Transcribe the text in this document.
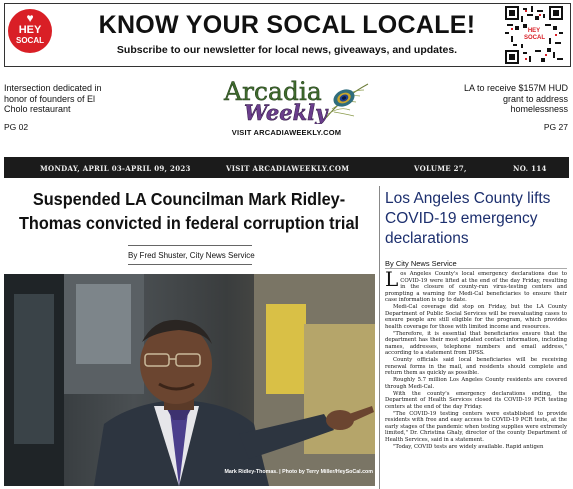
♥
HEY
SOCAL
KNOW YOUR SOCAL LOCALE!
Subscribe to our newsletter for local news, giveaways, and updates.
HEY SOCAL
Intersection dedicated in honor of founders of El Cholo restaurant
PG 02
Arcadia
Weekly
VISIT ARCADIAWEEKLY.COM
LA to receive $157M HUD grant to address homelessness
PG 27
MONDAY, APRIL 03-APRIL 09, 2023	VISIT ARCADIAWEEKLY.COM	VOLUME 27,	NO. 114
Suspended LA Councilman Mark Ridley-Thomas convicted in federal corruption trial
By Fred Shuster, City News Service
Mark Ridley-Thomas. | Photo by Terry Miller/HeySoCal.com
Los Angeles County lifts COVID-19 emergency declarations
By City News Service

Los Angeles County's local emergency declarations due to COVID-19 were lifted at the end of the day Friday, resulting in the closure of county-run virus-testing centers and prompting a warning for Medi-Cal beneficiaries to ensure their case information is up to date.

Medi-Cal coverage did stop on Friday, but the LA County Department of Public Social Services will be reevaluating cases to ensure people are still eligible for the program, which provides health coverage for those with limited income and resources.

"Therefore, it is essential that beneficiaries ensure that the department has their most updated contact information, including names, addresses, telephone numbers and email address," according to a statement from DPSS.

County officials said local beneficiaries will be receiving renewal forms in the mail, and residents should complete and return them as quickly as possible.

Roughly 5.7 million Los Angeles County residents are covered through Medi-Cal.

With the county's emergency declarations ending, the Department of Health Services closed its COVID-19 PCR testing centers at the end of the day Friday.

"The COVID-19 testing centers were established to provide residents with free and easy access to COVID-19 PCR tests, at the early stages of the pandemic when testing supplies were extremely limited," Dr. Christina Ghaly, director of the county Department of Health Services, said in a statement.

"Today, COVID tests are widely available. Rapid antigen
